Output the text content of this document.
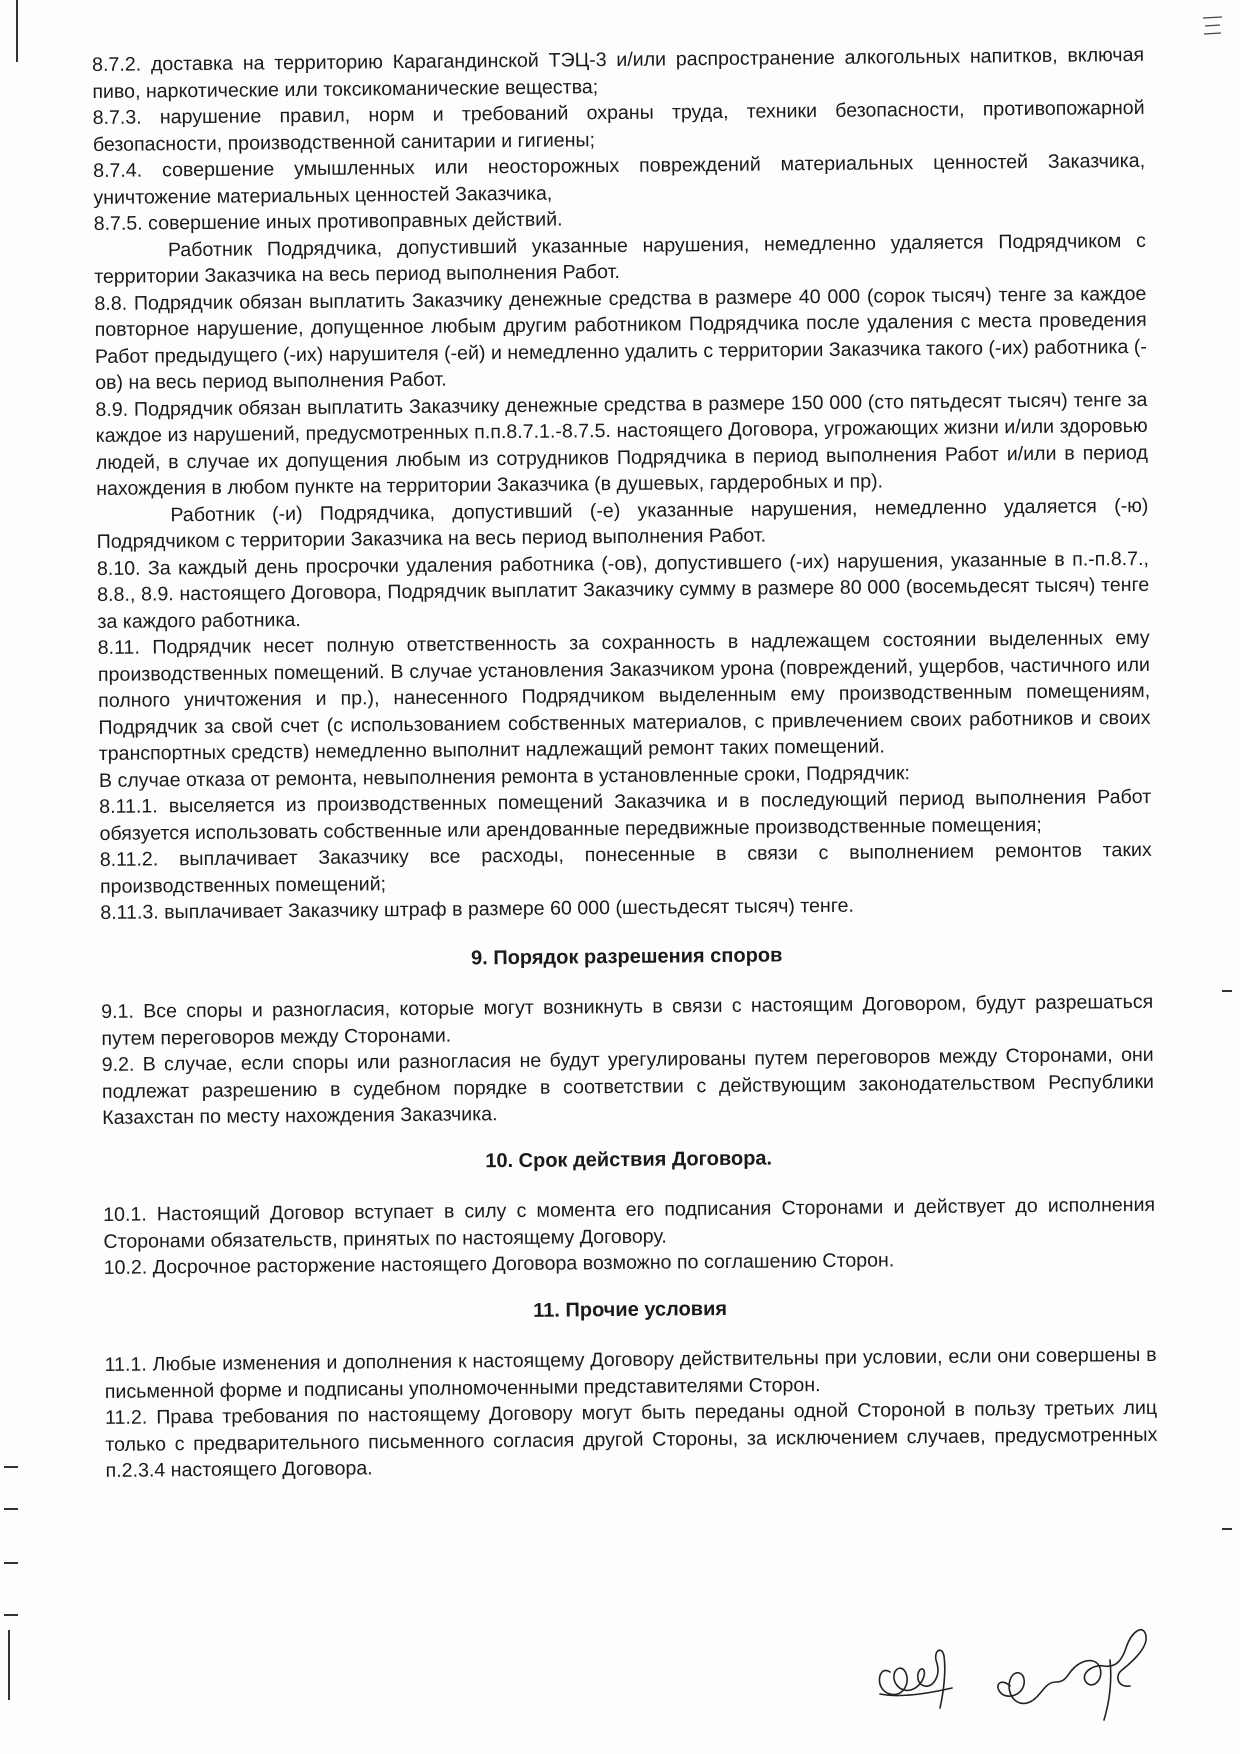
8.7.2. доставка на территорию Карагандинской ТЭЦ-3 и/или распространение алкогольных напитков, включая пиво, наркотические или токсикоманические вещества;

8.7.3. нарушение правил, норм и требований охраны труда, техники безопасности, противопожарной безопасности, производственной санитарии и гигиены;

8.7.4. совершение умышленных или неосторожных повреждений материальных ценностей Заказчика, уничтожение материальных ценностей Заказчика,

8.7.5. совершение иных противоправных действий.

Работник Подрядчика, допустивший указанные нарушения, немедленно удаляется Подрядчиком с территории Заказчика на весь период выполнения Работ.

8.8. Подрядчик обязан выплатить Заказчику денежные средства в размере 40 000 (сорок тысяч) тенге за каждое повторное нарушение, допущенное любым другим работником Подрядчика после удаления с места проведения Работ предыдущего (-их) нарушителя (-ей) и немедленно удалить с территории Заказчика такого (-их) работника (-ов) на весь период выполнения Работ.

8.9. Подрядчик обязан выплатить Заказчику денежные средства в размере 150 000 (сто пятьдесят тысяч) тенге за каждое из нарушений, предусмотренных п.п.8.7.1.-8.7.5. настоящего Договора, угрожающих жизни и/или здоровью людей, в случае их допущения любым из сотрудников Подрядчика в период выполнения Работ и/или в период нахождения в любом пункте на территории Заказчика (в душевых, гардеробных и пр).

Работник (-и) Подрядчика, допустивший (-е) указанные нарушения, немедленно удаляется (-ю) Подрядчиком с территории Заказчика на весь период выполнения Работ.

8.10. За каждый день просрочки удаления работника (-ов), допустившего (-их) нарушения, указанные в п.-п.8.7., 8.8., 8.9. настоящего Договора, Подрядчик выплатит Заказчику сумму в размере 80 000 (восемьдесят тысяч) тенге за каждого работника.

8.11. Подрядчик несет полную ответственность за сохранность в надлежащем состоянии выделенных ему производственных помещений. В случае установления Заказчиком урона (повреждений, ущербов, частичного или полного уничтожения и пр.), нанесенного Подрядчиком выделенным ему производственным помещениям, Подрядчик за свой счет (с использованием собственных материалов, с привлечением своих работников и своих транспортных средств) немедленно выполнит надлежащий ремонт таких помещений.

В случае отказа от ремонта, невыполнения ремонта в установленные сроки, Подрядчик:

8.11.1. выселяется из производственных помещений Заказчика и в последующий период выполнения Работ обязуется использовать собственные или арендованные передвижные производственные помещения;

8.11.2. выплачивает Заказчику все расходы, понесенные в связи с выполнением ремонтов таких производственных помещений;

8.11.3. выплачивает Заказчику штраф в размере 60 000 (шестьдесят тысяч) тенге.

9. Порядок разрешения споров

9.1. Все споры и разногласия, которые могут возникнуть в связи с настоящим Договором, будут разрешаться путем переговоров между Сторонами.

9.2. В случае, если споры или разногласия не будут урегулированы путем переговоров между Сторонами, они подлежат разрешению в судебном порядке в соответствии с действующим законодательством Республики Казахстан по месту нахождения Заказчика.

10. Срок действия Договора.

10.1. Настоящий Договор вступает в силу с момента его подписания Сторонами и действует до исполнения Сторонами обязательств, принятых по настоящему Договору.

10.2. Досрочное расторжение настоящего Договора возможно по соглашению Сторон.

11. Прочие условия

11.1. Любые изменения и дополнения к настоящему Договору действительны при условии, если они совершены в письменной форме и подписаны уполномоченными представителями Сторон.

11.2. Права требования по настоящему Договору могут быть переданы одной Стороной в пользу третьих лиц только с предварительного письменного согласия другой Стороны, за исключением случаев, предусмотренных п.2.3.4 настоящего Договора.
